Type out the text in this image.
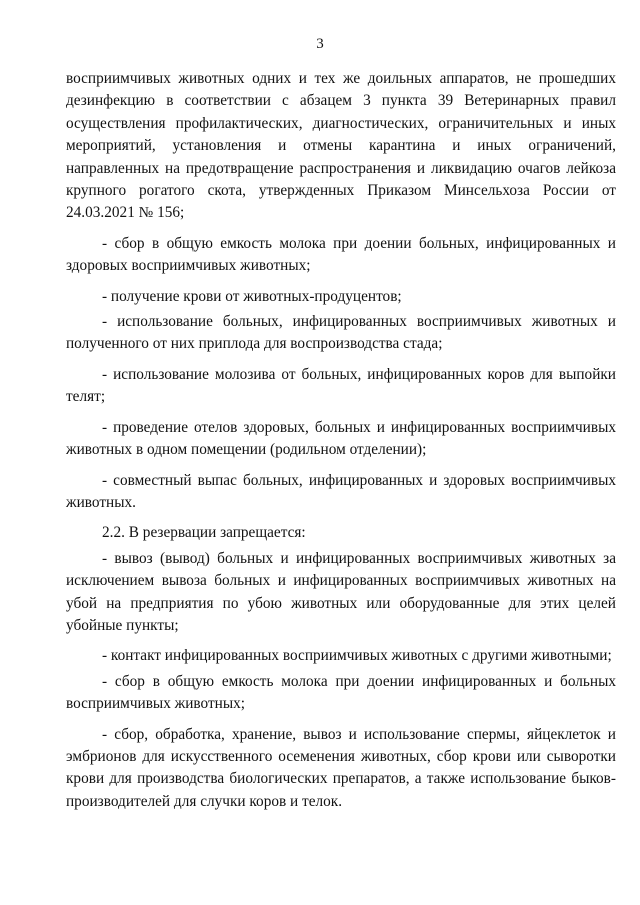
3

восприимчивых животных одних и тех же доильных аппаратов, не прошедших дезинфекцию в соответствии с абзацем 3 пункта 39 Ветеринарных правил осуществления профилактических, диагностических, ограничительных и иных мероприятий, установления и отмены карантина и иных ограничений, направленных на предотвращение распространения и ликвидацию очагов лейкоза крупного рогатого скота, утвержденных Приказом Минсельхоза России от 24.03.2021 № 156;

- сбор в общую емкость молока при доении больных, инфицированных и здоровых восприимчивых животных;

- получение крови от животных-продуцентов;

- использование больных, инфицированных восприимчивых животных и полученного от них приплода для воспроизводства стада;

- использование молозива от больных, инфицированных коров для выпойки телят;

- проведение отелов здоровых, больных и инфицированных восприимчивых животных в одном помещении (родильном отделении);

- совместный выпас больных, инфицированных и здоровых восприимчивых животных.

2.2. В резервации запрещается:

- вывоз (вывод) больных и инфицированных восприимчивых животных за исключением вывоза больных и инфицированных восприимчивых животных на убой на предприятия по убою животных или оборудованные для этих целей убойные пункты;

- контакт инфицированных восприимчивых животных с другими животными;

- сбор в общую емкость молока при доении инфицированных и больных восприимчивых животных;

- сбор, обработка, хранение, вывоз и использование спермы, яйцеклеток и эмбрионов для искусственного осеменения животных, сбор крови или сыворотки крови для производства биологических препаратов, а также использование быков-производителей для случки коров и телок.
